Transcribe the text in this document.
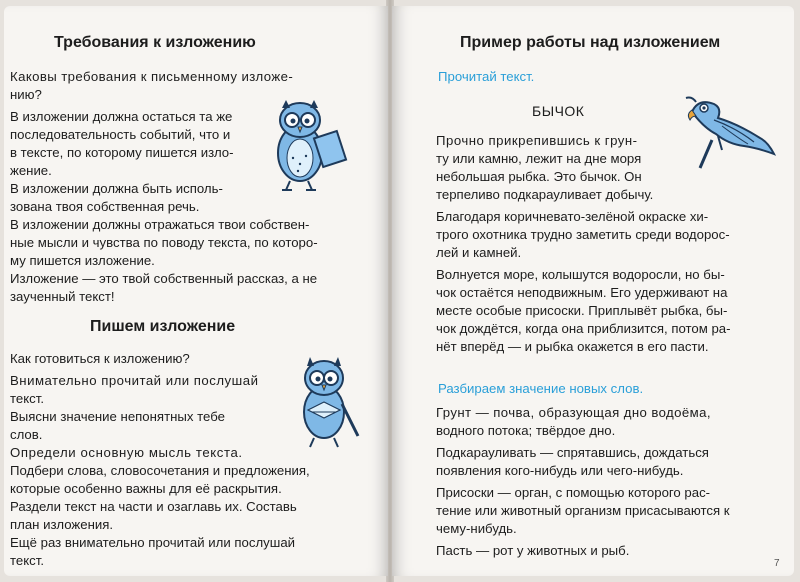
Требования к изложению
Каковы требования к письменному изложе-
нию?
В изложении должна остаться та же
последовательность событий, что и
в тексте, по которому пишется изло-
жение.
В изложении должна быть исполь-
зована твоя собственная речь.
В изложении должны отражаться твои собствен-
ные мысли и чувства по поводу текста, по которо-
му пишется изложение.
Изложение — это твой собственный рассказ, а не
заученный текст!
Пишем изложение
Как готовиться к изложению?
Внимательно прочитай или послушай
текст.
Выясни значение непонятных тебе
слов.
Определи основную мысль текста.
Подбери слова, словосочетания и предложения,
которые особенно важны для её раскрытия.
Раздели текст на части и озаглавь их. Составь
план изложения.
Ещё раз внимательно прочитай или послушай
текст.
Пример работы над изложением
Прочитай текст.
БЫЧОК
Прочно прикрепившись к грун-
ту или камню, лежит на дне моря
небольшая рыбка. Это бычок. Он
терпеливо подкарауливает добычу.
Благодаря коричневато-зелёной окраске хи-
трого охотника трудно заметить среди водорос-
лей и камней.
Волнуется море, колышутся водоросли, но бы-
чок остаётся неподвижным. Его удерживают на
месте особые присоски. Приплывёт рыбка, бы-
чок дождётся, когда она приблизится, потом ра-
нёт вперёд — и рыбка окажется в его пасти.
Разбираем значение новых слов.
Грунт — почва, образующая дно водоёма,
водного потока; твёрдое дно.
Подкарауливать — спрятавшись, дождаться
появления кого-нибудь или чего-нибудь.
Присоски — орган, с помощью которого рас-
тение или животный организм присасываются к
чему-нибудь.
Пасть — рот у животных и рыб.
7
